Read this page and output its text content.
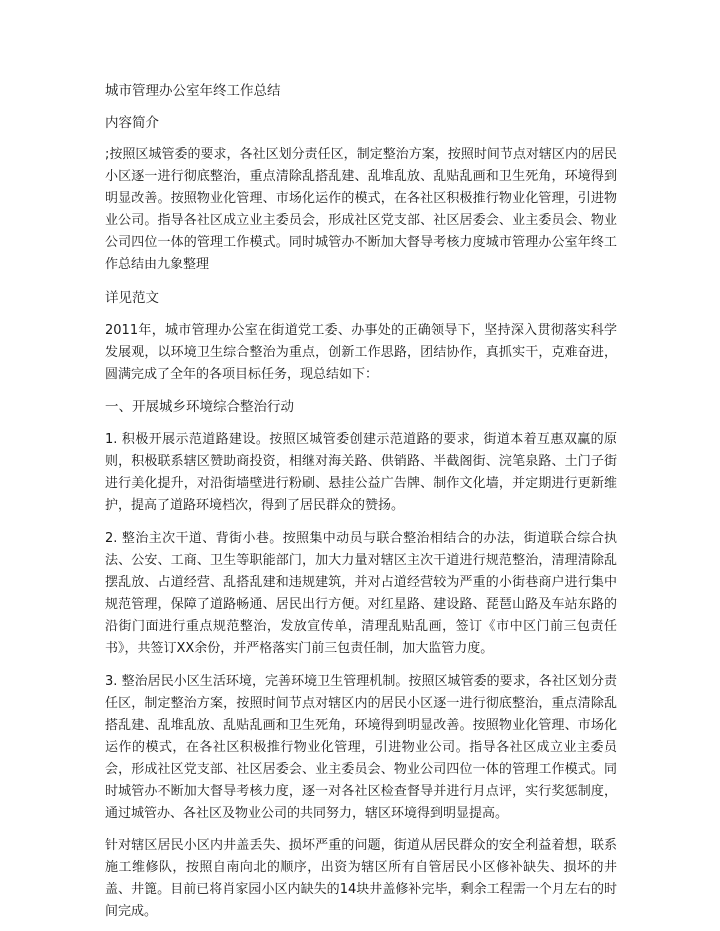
城市管理办公室年终工作总结

内容简介

;按照区城管委的要求，各社区划分责任区，制定整治方案，按照时间节点对辖区内的居民小区逐一进行彻底整治，重点清除乱搭乱建、乱堆乱放、乱贴乱画和卫生死角，环境得到明显改善。按照物业化管理、市场化运作的模式，在各社区积极推行物业化管理，引进物业公司。指导各社区成立业主委员会，形成社区党支部、社区居委会、业主委员会、物业公司四位一体的管理工作模式。同时城管办不断加大督导考核力度城市管理办公室年终工作总结由九象整理

详见范文

2011年，城市管理办公室在街道党工委、办事处的正确领导下，坚持深入贯彻落实科学发展观，以环境卫生综合整治为重点，创新工作思路，团结协作，真抓实干，克难奋进，圆满完成了全年的各项目标任务，现总结如下：

一、开展城乡环境综合整治行动

1. 积极开展示范道路建设。按照区城管委创建示范道路的要求，街道本着互惠双赢的原则，积极联系辖区赞助商投资，相继对海关路、供销路、半截阁街、浣笔泉路、土门子街进行美化提升，对沿街墙壁进行粉刷、悬挂公益广告牌、制作文化墙，并定期进行更新维护，提高了道路环境档次，得到了居民群众的赞扬。

2. 整治主次干道、背街小巷。按照集中动员与联合整治相结合的办法，街道联合综合执法、公安、工商、卫生等职能部门，加大力量对辖区主次干道进行规范整治，清理清除乱摆乱放、占道经营、乱搭乱建和违规建筑，并对占道经营较为严重的小街巷商户进行集中规范管理，保障了道路畅通、居民出行方便。对红星路、建设路、琵琶山路及车站东路的沿街门面进行重点规范整治，发放宣传单，清理乱贴乱画，签订《市中区门前三包责任书》，共签订XX余份，并严格落实门前三包责任制，加大监管力度。

3. 整治居民小区生活环境，完善环境卫生管理机制。按照区城管委的要求，各社区划分责任区，制定整治方案，按照时间节点对辖区内的居民小区逐一进行彻底整治，重点清除乱搭乱建、乱堆乱放、乱贴乱画和卫生死角，环境得到明显改善。按照物业化管理、市场化运作的模式，在各社区积极推行物业化管理，引进物业公司。指导各社区成立业主委员会，形成社区党支部、社区居委会、业主委员会、物业公司四位一体的管理工作模式。同时城管办不断加大督导考核力度，逐一对各社区检查督导并进行月点评，实行奖惩制度，通过城管办、各社区及物业公司的共同努力，辖区环境得到明显提高。

针对辖区居民小区内井盖丢失、损坏严重的问题，街道从居民群众的安全利益着想，联系施工维修队，按照自南向北的顺序，出资为辖区所有自管居民小区修补缺失、损坏的井盖、井篦。目前已将肖家园小区内缺失的14块井盖修补完毕，剩余工程需一个月左右的时间完成。
